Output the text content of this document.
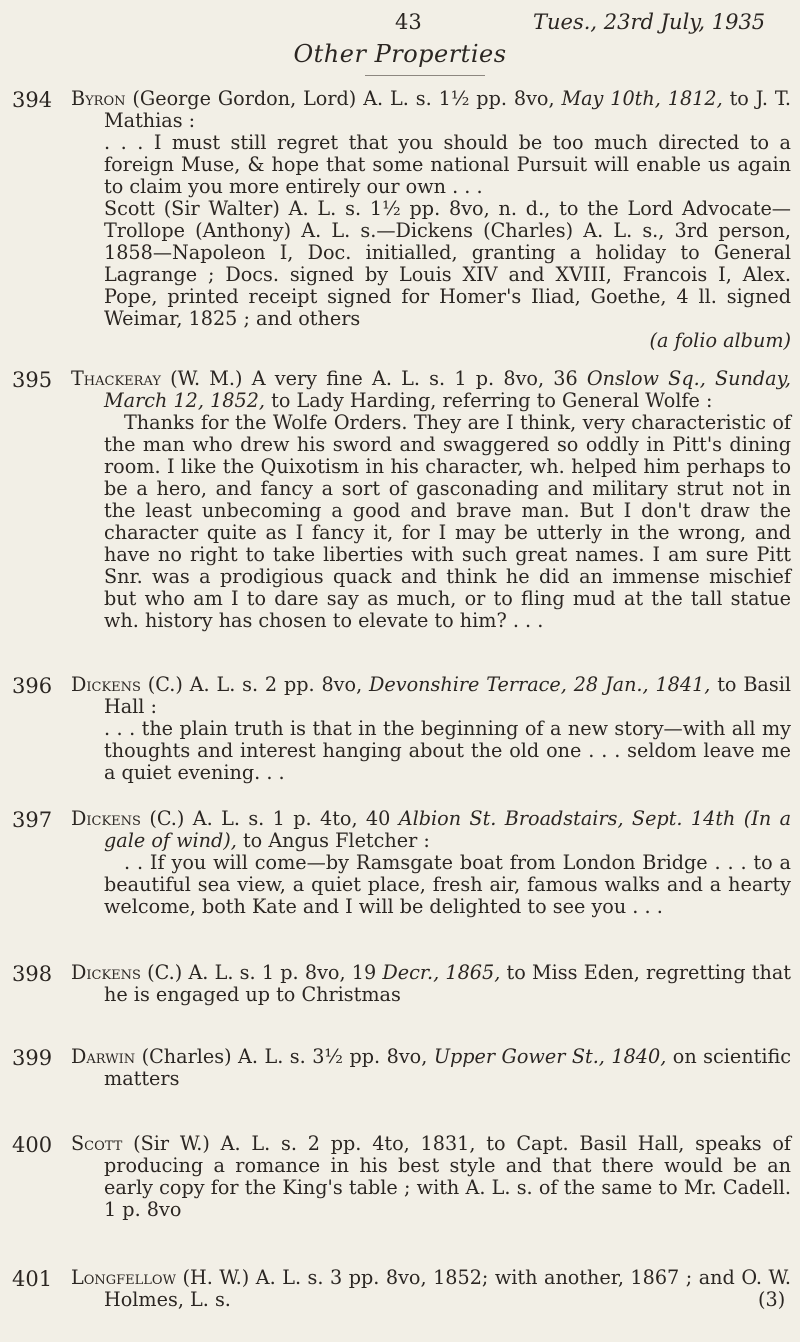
43	Tues., 23rd July, 1935
Other Properties
394 Byron (George Gordon, Lord) A. L. s. 1½ pp. 8vo, May 10th, 1812, to J. T. Mathias :
. . . I must still regret that you should be too much directed to a foreign Muse, & hope that some national Pursuit will enable us again to claim you more entirely our own . . .
Scott (Sir Walter) A. L. s. 1½ pp. 8vo, n. d., to the Lord Advocate—Trollope (Anthony) A. L. s.—Dickens (Charles) A. L. s., 3rd person, 1858—Napoleon I, Doc. initialled, granting a holiday to General Lagrange ; Docs. signed by Louis XIV and XVIII, Francois I, Alex. Pope, printed receipt signed for Homer's Iliad, Goethe, 4 ll. signed Weimar, 1825 ; and others
(a folio album)
395 Thackeray (W. M.) A very fine A. L. s. 1 p. 8vo, 36 Onslow Sq., Sunday, March 12, 1852, to Lady Harding, referring to General Wolfe :
Thanks for the Wolfe Orders. They are I think, very characteristic of the man who drew his sword and swaggered so oddly in Pitt's dining room. I like the Quixotism in his character, wh. helped him perhaps to be a hero, and fancy a sort of gasconading and military strut not in the least unbecoming a good and brave man. But I don't draw the character quite as I fancy it, for I may be utterly in the wrong, and have no right to take liberties with such great names. I am sure Pitt Snr. was a prodigious quack and think he did an immense mischief but who am I to dare say as much, or to fling mud at the tall statue wh. history has chosen to elevate to him? . . .
396 Dickens (C.) A. L. s. 2 pp. 8vo, Devonshire Terrace, 28 Jan., 1841, to Basil Hall :
. . . the plain truth is that in the beginning of a new story—with all my thoughts and interest hanging about the old one . . . seldom leave me a quiet evening. . .
397 Dickens (C.) A. L. s. 1 p. 4to, 40 Albion St. Broadstairs, Sept. 14th (In a gale of wind), to Angus Fletcher :
. . If you will come—by Ramsgate boat from London Bridge . . . to a beautiful sea view, a quiet place, fresh air, famous walks and a hearty welcome, both Kate and I will be delighted to see you . . .
398 Dickens (C.) A. L. s. 1 p. 8vo, 19 Decr., 1865, to Miss Eden, regretting that he is engaged up to Christmas
399 Darwin (Charles) A. L. s. 3½ pp. 8vo, Upper Gower St., 1840, on scientific matters
400 Scott (Sir W.) A. L. s. 2 pp. 4to, 1831, to Capt. Basil Hall, speaks of producing a romance in his best style and that there would be an early copy for the King's table ; with A. L. s. of the same to Mr. Cadell. 1 p. 8vo
401 Longfellow (H. W.) A. L. s. 3 pp. 8vo, 1852; with another, 1867 ; and O. W. Holmes, L. s.	(3)
